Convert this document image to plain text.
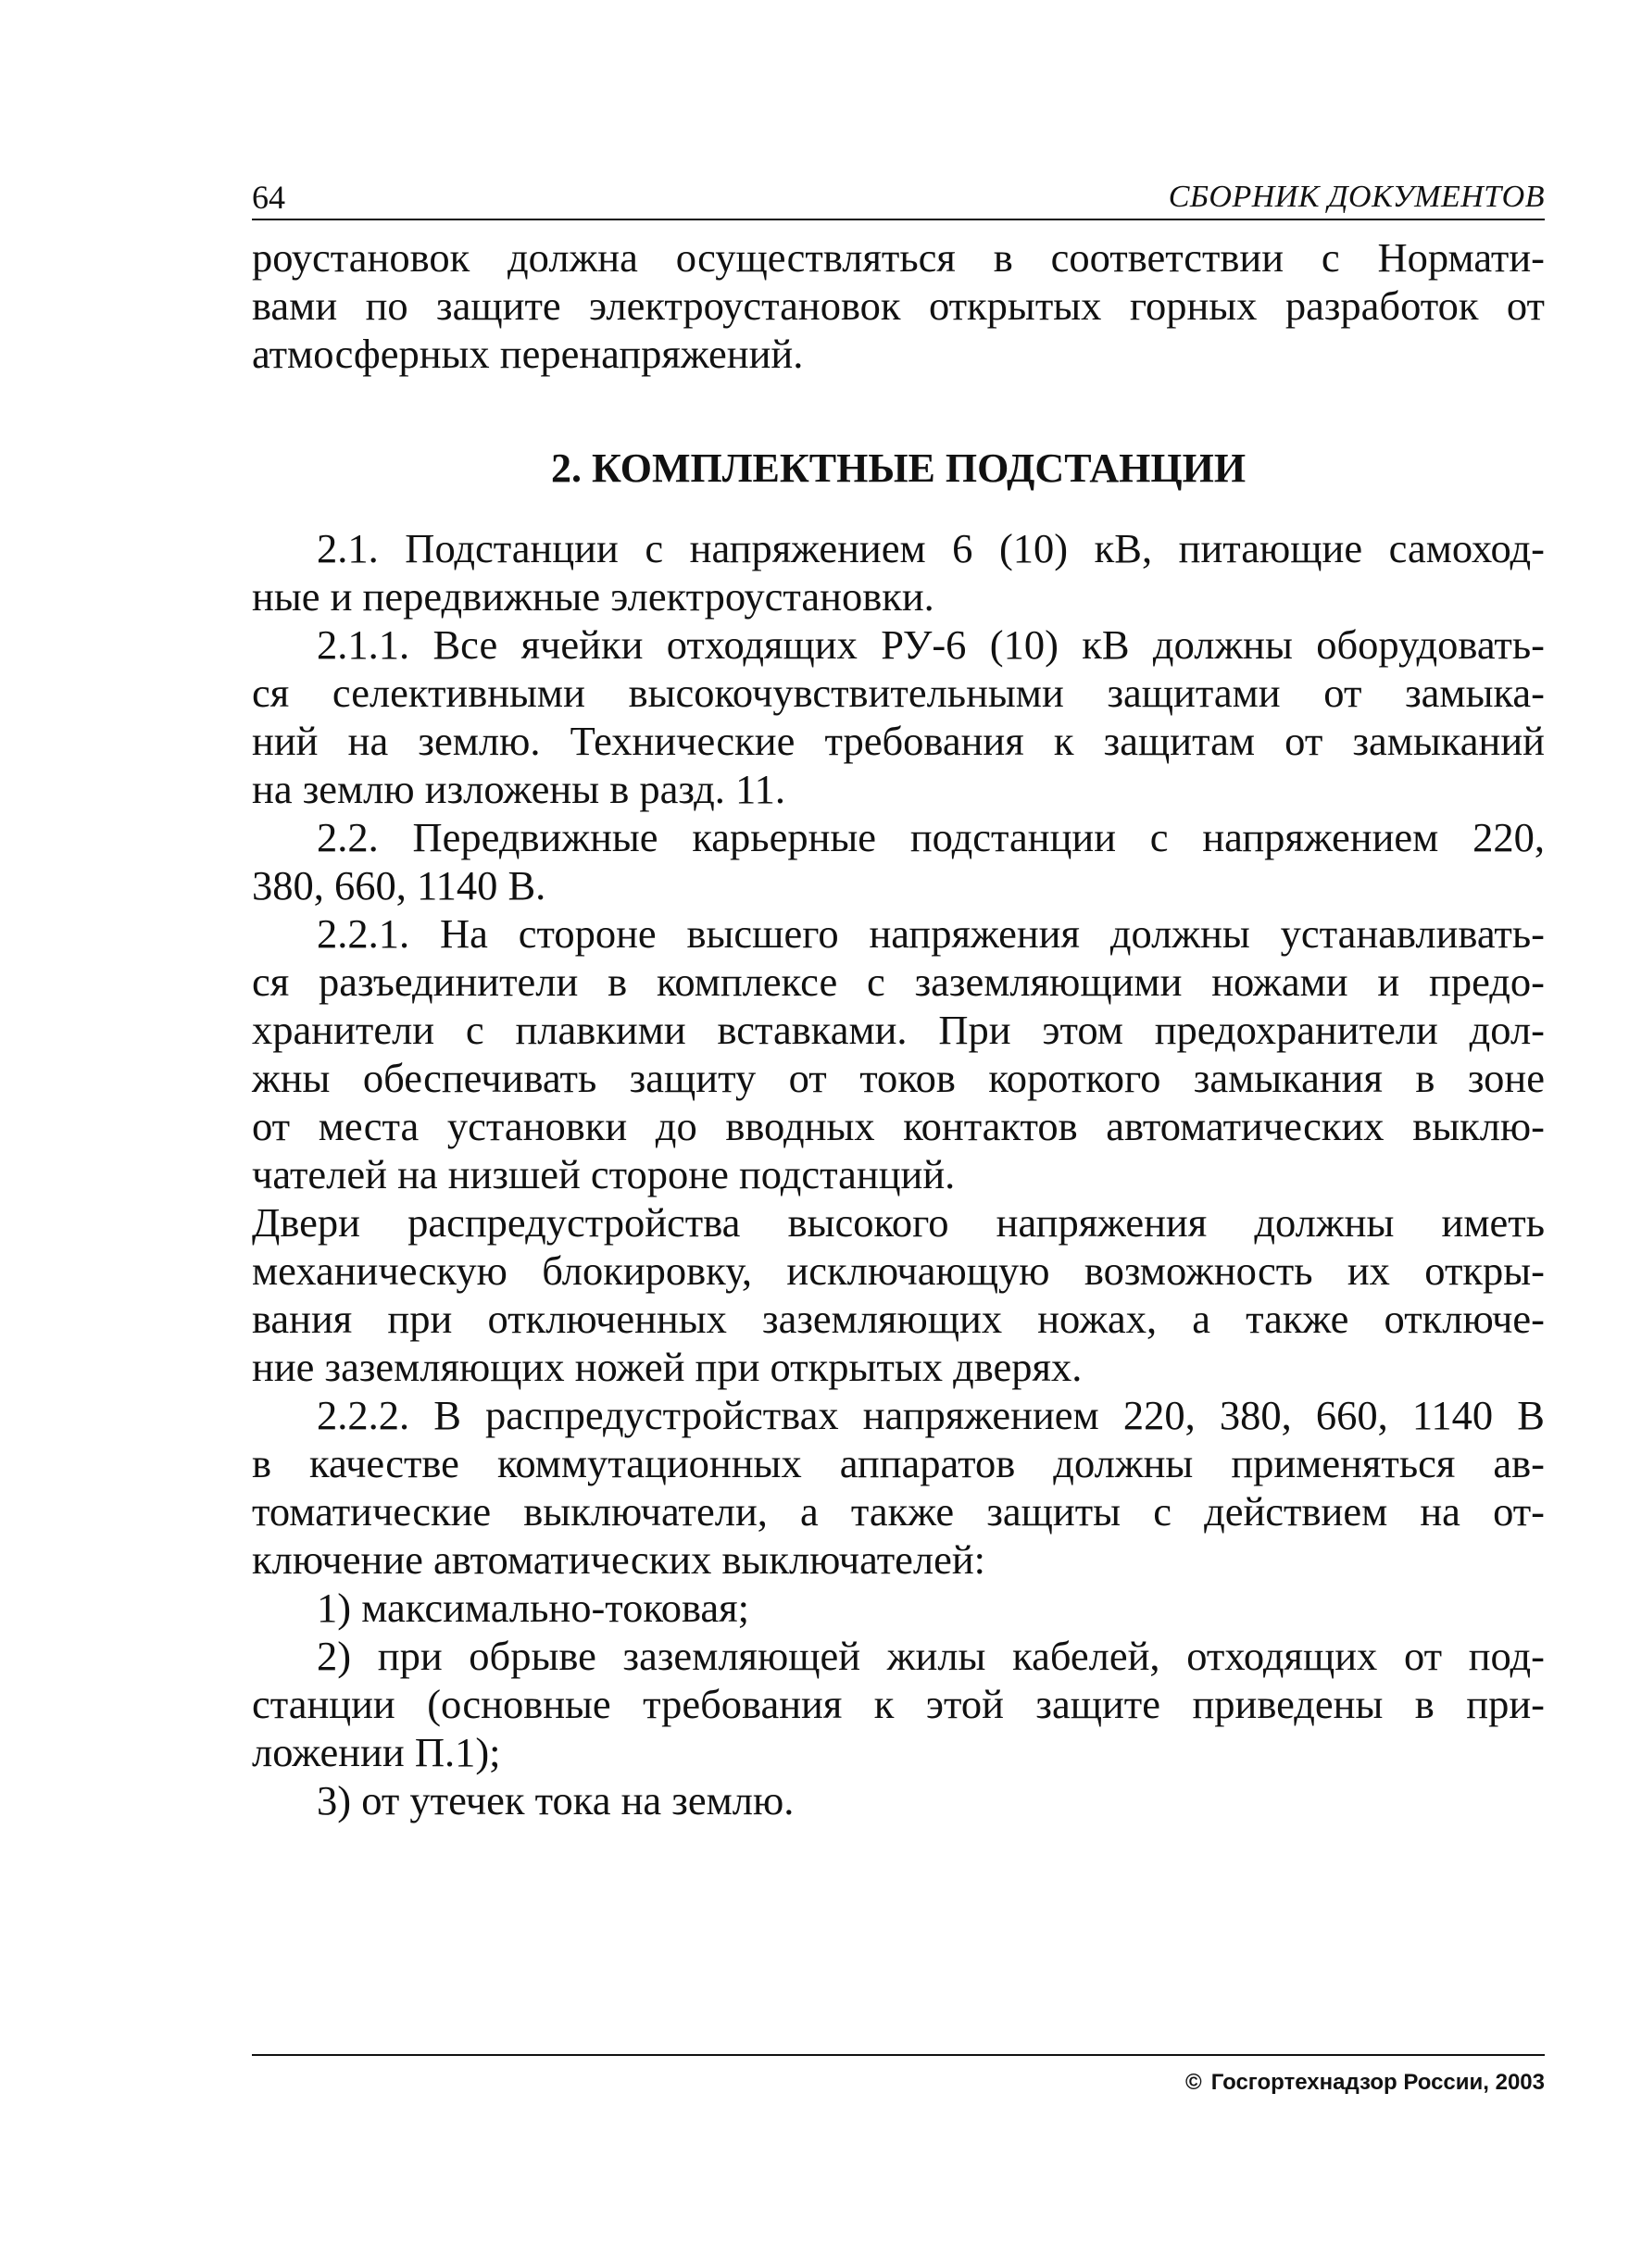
64	СБОРНИК ДОКУМЕНТОВ
роустановок должна осуществляться в соответствии с Нормати-
вами по защите электроустановок открытых горных разработок от
атмосферных перенапряжений.
2. КОМПЛЕКТНЫЕ ПОДСТАНЦИИ
2.1. Подстанции с напряжением 6 (10) кВ, питающие самоход-
ные и передвижные электроустановки.
2.1.1. Все ячейки отходящих РУ-6 (10) кВ должны оборудовать-
ся селективными высокочувствительными защитами от замыка-
ний на землю. Технические требования к защитам от замыканий
на землю изложены в разд. 11.
2.2. Передвижные карьерные подстанции с напряжением 220,
380, 660, 1140 В.
2.2.1. На стороне высшего напряжения должны устанавливать-
ся разъединители в комплексе с заземляющими ножами и предо-
хранители с плавкими вставками. При этом предохранители дол-
жны обеспечивать защиту от токов короткого замыкания в зоне
от места установки до вводных контактов автоматических выклю-
чателей на низшей стороне подстанций.
Двери распредустройства высокого напряжения должны иметь
механическую блокировку, исключающую возможность их откры-
вания при отключенных заземляющих ножах, а также отключе-
ние заземляющих ножей при открытых дверях.
2.2.2. В распредустройствах напряжением 220, 380, 660, 1140 В
в качестве коммутационных аппаратов должны применяться ав-
томатические выключатели, а также защиты с действием на от-
ключение автоматических выключателей:
1) максимально-токовая;
2) при обрыве заземляющей жилы кабелей, отходящих от под-
станции (основные требования к этой защите приведены в при-
ложении П.1);
3) от утечек тока на землю.
© Госгортехнадзор России, 2003
